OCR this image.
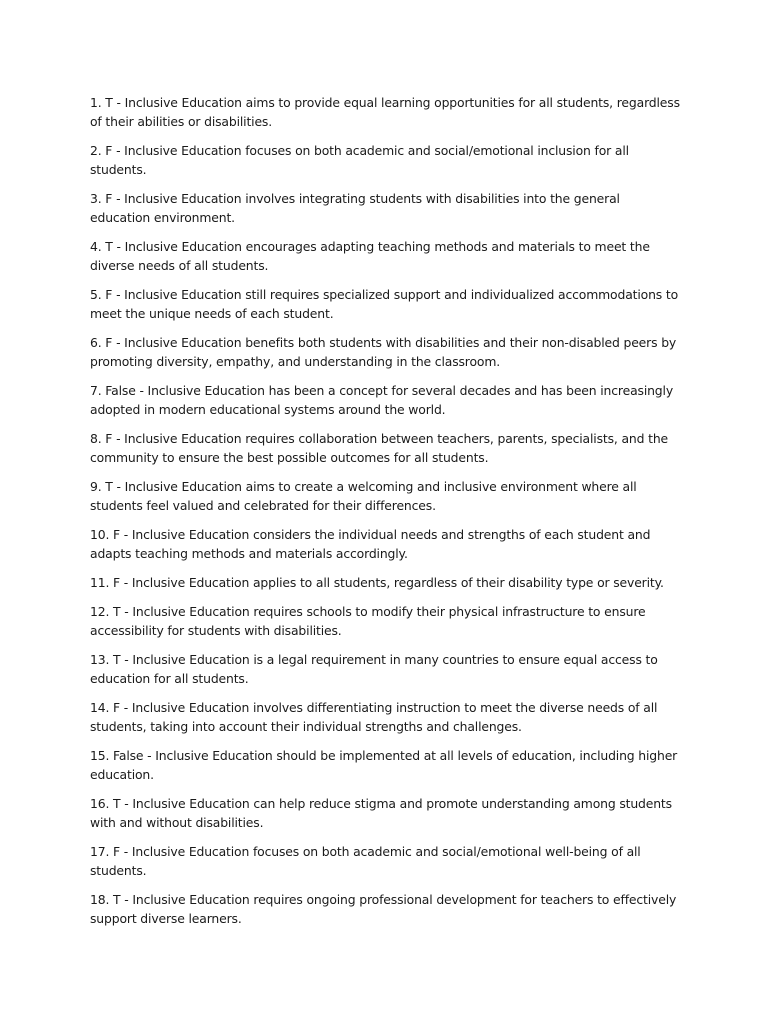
1. T - Inclusive Education aims to provide equal learning opportunities for all students, regardless of their abilities or disabilities.

2. F - Inclusive Education focuses on both academic and social/emotional inclusion for all students.

3. F - Inclusive Education involves integrating students with disabilities into the general education environment.

4. T - Inclusive Education encourages adapting teaching methods and materials to meet the diverse needs of all students.

5. F - Inclusive Education still requires specialized support and individualized accommodations to meet the unique needs of each student.

6. F - Inclusive Education benefits both students with disabilities and their non-disabled peers by promoting diversity, empathy, and understanding in the classroom.

7. False - Inclusive Education has been a concept for several decades and has been increasingly adopted in modern educational systems around the world.

8. F - Inclusive Education requires collaboration between teachers, parents, specialists, and the community to ensure the best possible outcomes for all students.

9. T - Inclusive Education aims to create a welcoming and inclusive environment where all students feel valued and celebrated for their differences.

10. F - Inclusive Education considers the individual needs and strengths of each student and adapts teaching methods and materials accordingly.

11. F - Inclusive Education applies to all students, regardless of their disability type or severity.

12. T - Inclusive Education requires schools to modify their physical infrastructure to ensure accessibility for students with disabilities.

13. T - Inclusive Education is a legal requirement in many countries to ensure equal access to education for all students.

14. F - Inclusive Education involves differentiating instruction to meet the diverse needs of all students, taking into account their individual strengths and challenges.

15. False - Inclusive Education should be implemented at all levels of education, including higher education.

16. T - Inclusive Education can help reduce stigma and promote understanding among students with and without disabilities.

17. F - Inclusive Education focuses on both academic and social/emotional well-being of all students.

18. T - Inclusive Education requires ongoing professional development for teachers to effectively support diverse learners.
